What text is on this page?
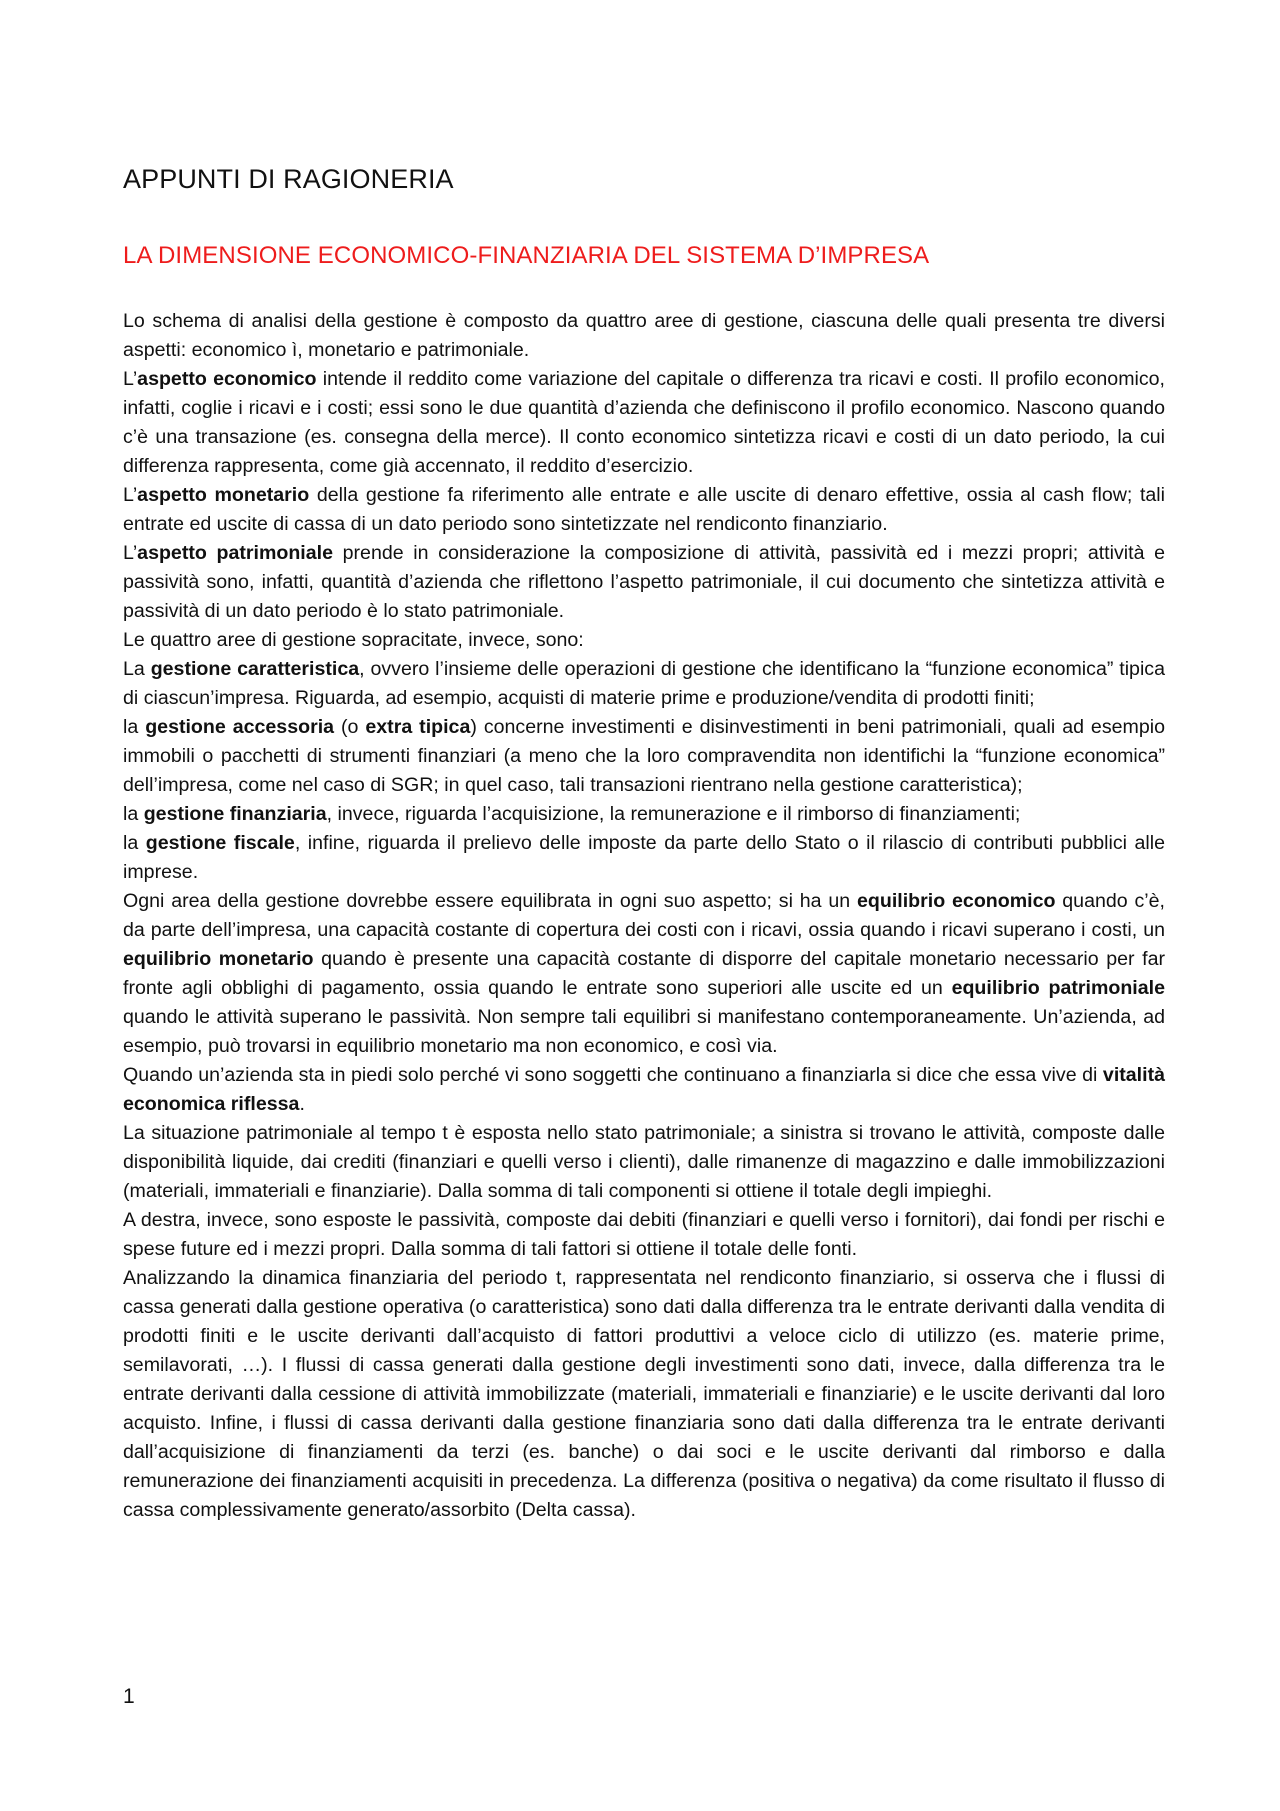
APPUNTI DI RAGIONERIA
LA DIMENSIONE ECONOMICO-FINANZIARIA DEL SISTEMA D’IMPRESA

Lo schema di analisi della gestione è composto da quattro aree di gestione, ciascuna delle quali presenta tre diversi aspetti: economico ì, monetario e patrimoniale.

L’aspetto economico intende il reddito come variazione del capitale o differenza tra ricavi e costi. Il profilo economico, infatti, coglie i ricavi e i costi; essi sono le due quantità d’azienda che definiscono il profilo economico. Nascono quando c’è una transazione (es. consegna della merce). Il conto economico sintetizza ricavi e costi di un dato periodo, la cui differenza rappresenta, come già accennato, il reddito d’esercizio.

L’aspetto monetario della gestione fa riferimento alle entrate e alle uscite di denaro effettive, ossia al cash flow; tali entrate ed uscite di cassa di un dato periodo sono sintetizzate nel rendiconto finanziario.

L’aspetto patrimoniale prende in considerazione la composizione di attività, passività ed i mezzi propri; attività e passività sono, infatti, quantità d’azienda che riflettono l’aspetto patrimoniale, il cui documento che sintetizza attività e passività di un dato periodo è lo stato patrimoniale.

Le quattro aree di gestione sopracitate, invece, sono:

La gestione caratteristica, ovvero l’insieme delle operazioni di gestione che identificano la “funzione economica” tipica di ciascun’impresa. Riguarda, ad esempio, acquisti di materie prime e produzione/vendita di prodotti finiti;

la gestione accessoria (o extra tipica) concerne investimenti e disinvestimenti in beni patrimoniali, quali ad esempio immobili o pacchetti di strumenti finanziari (a meno che la loro compravendita non identifichi la “funzione economica” dell’impresa, come nel caso di SGR; in quel caso, tali transazioni rientrano nella gestione caratteristica);

la gestione finanziaria, invece, riguarda l’acquisizione, la remunerazione e il rimborso di finanziamenti;

la gestione fiscale, infine, riguarda il prelievo delle imposte da parte dello Stato o il rilascio di contributi pubblici alle imprese.

Ogni area della gestione dovrebbe essere equilibrata in ogni suo aspetto; si ha un equilibrio economico quando c’è, da parte dell’impresa, una capacità costante di copertura dei costi con i ricavi, ossia quando i ricavi superano i costi, un equilibrio monetario quando è presente una capacità costante di disporre del capitale monetario necessario per far fronte agli obblighi di pagamento, ossia quando le entrate sono superiori alle uscite ed un equilibrio patrimoniale quando le attività superano le passività. Non sempre tali equilibri si manifestano contemporaneamente. Un’azienda, ad esempio, può trovarsi in equilibrio monetario ma non economico, e così via.

Quando un’azienda sta in piedi solo perché vi sono soggetti che continuano a finanziarla si dice che essa vive di vitalità economica riflessa.

La situazione patrimoniale al tempo t è esposta nello stato patrimoniale; a sinistra si trovano le attività, composte dalle disponibilità liquide, dai crediti (finanziari e quelli verso i clienti), dalle rimanenze di magazzino e dalle immobilizzazioni (materiali, immateriali e finanziarie). Dalla somma di tali componenti si ottiene il totale degli impieghi.

A destra, invece, sono esposte le passività, composte dai debiti (finanziari e quelli verso i fornitori), dai fondi per rischi e spese future ed i mezzi propri. Dalla somma di tali fattori si ottiene il totale delle fonti.

Analizzando la dinamica finanziaria del periodo t, rappresentata nel rendiconto finanziario, si osserva che i flussi di cassa generati dalla gestione operativa (o caratteristica) sono dati dalla differenza tra le entrate derivanti dalla vendita di prodotti finiti e le uscite derivanti dall’acquisto di fattori produttivi a veloce ciclo di utilizzo (es. materie prime, semilavorati, …). I flussi di cassa generati dalla gestione degli investimenti sono dati, invece, dalla differenza tra le entrate derivanti dalla cessione di attività immobilizzate (materiali, immateriali e finanziarie) e le uscite derivanti dal loro acquisto. Infine, i flussi di cassa derivanti dalla gestione finanziaria sono dati dalla differenza tra le entrate derivanti dall’acquisizione di finanziamenti da terzi (es. banche) o dai soci e le uscite derivanti dal rimborso e dalla remunerazione dei finanziamenti acquisiti in precedenza. La differenza (positiva o negativa) da come risultato il flusso di cassa complessivamente generato/assorbito (Delta cassa).

1
